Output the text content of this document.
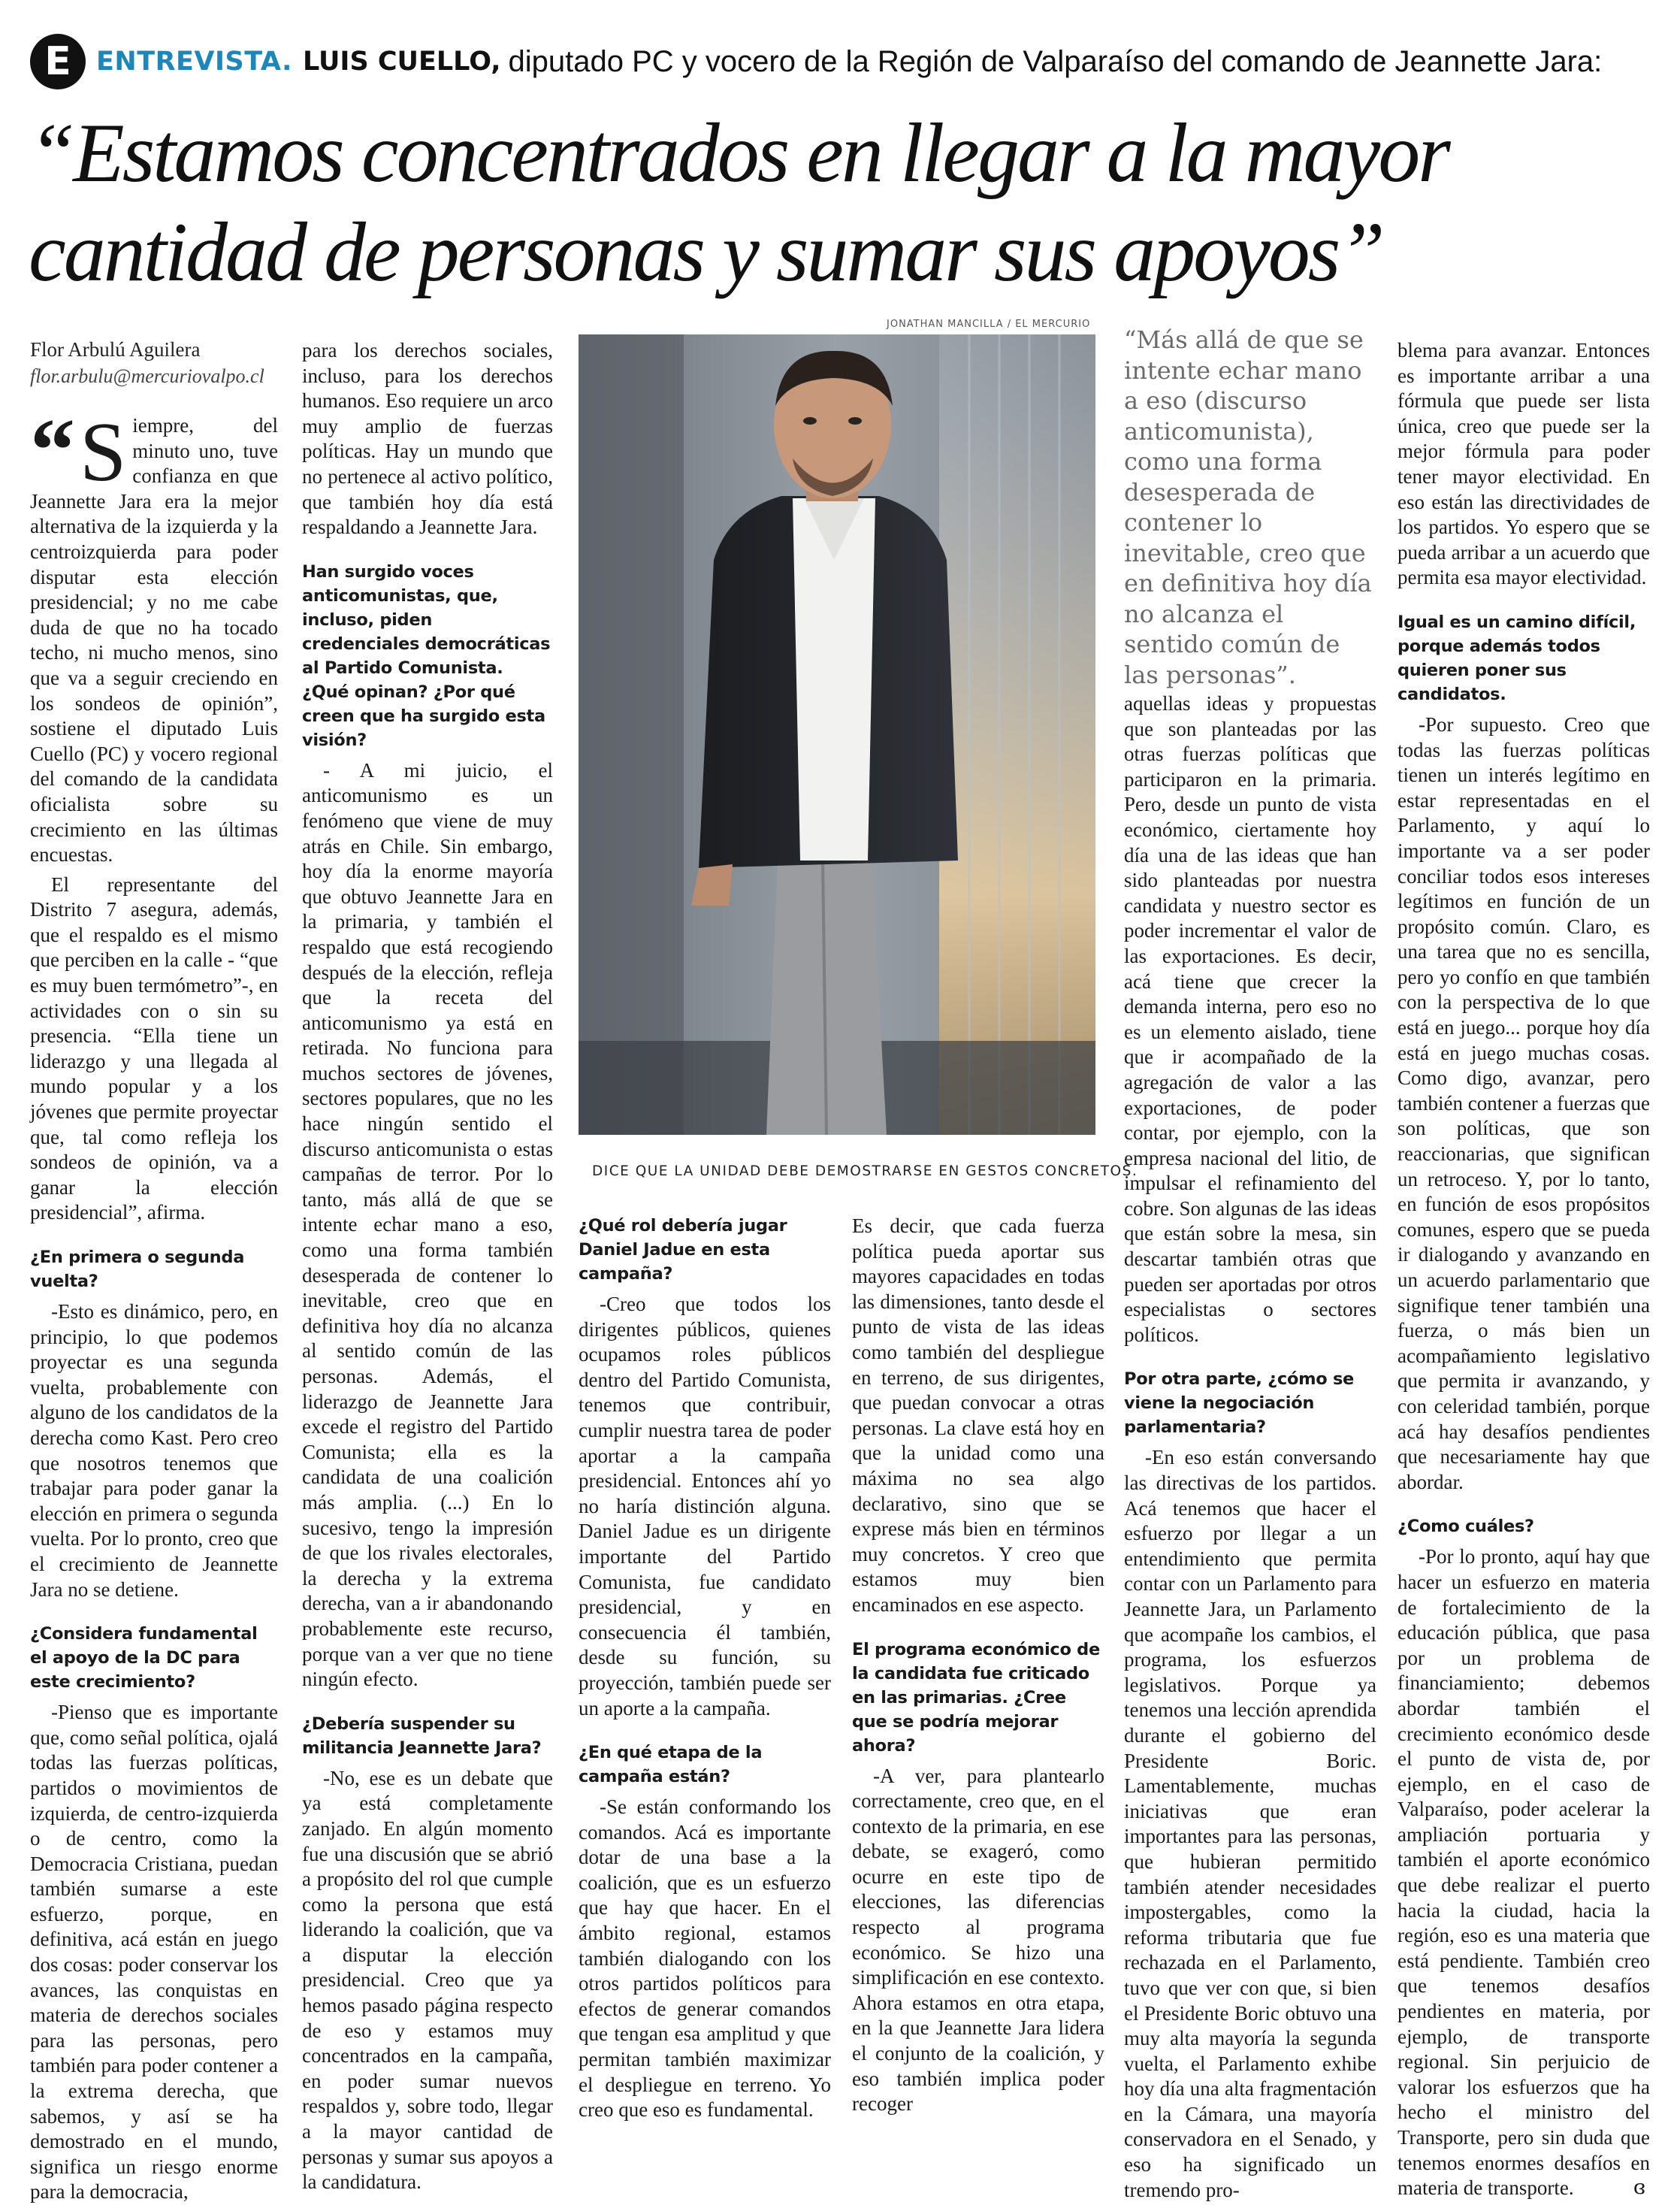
E ENTREVISTA. LUIS CUELLO, diputado PC y vocero de la Región de Valparaíso del comando de Jeannette Jara:
“Estamos concentrados en llegar a la mayor cantidad de personas y sumar sus apoyos”
Flor Arbulú Aguilera
flor.arbulu@mercuriovalpo.cl

“ S iempre, del minuto uno, tuve confianza en que Jeannette Jara era la mejor alternativa de la izquierda y la centroizquierda para poder disputar esta elección presidencial; y no me cabe duda de que no ha tocado techo, ni mucho menos, sino que va a seguir creciendo en los sondeos de opinión”, sostiene el diputado Luis Cuello (PC) y vocero regional del comando de la candidata oficialista sobre su crecimiento en las últimas encuestas.

El representante del Distrito 7 asegura, además, que el respaldo es el mismo que perciben en la calle - “que es muy buen termómetro”-, en actividades con o sin su presencia. “Ella tiene un liderazgo y una llegada al mundo popular y a los jóvenes que permite proyectar que, tal como refleja los sondeos de opinión, va a ganar la elección presidencial”, afirma.

¿En primera o segunda vuelta?

-Esto es dinámico, pero, en principio, lo que podemos proyectar es una segunda vuelta, probablemente con alguno de los candidatos de la derecha como Kast. Pero creo que nosotros tenemos que trabajar para poder ganar la elección en primera o segunda vuelta. Por lo pronto, creo que el crecimiento de Jeannette Jara no se detiene.

¿Considera fundamental el apoyo de la DC para este crecimiento?

-Pienso que es importante que, como señal política, ojalá todas las fuerzas políticas, partidos o movimientos de izquierda, de centro-izquierda o de centro, como la Democracia Cristiana, puedan también sumarse a este esfuerzo, porque, en definitiva, acá están en juego dos cosas: poder conservar los avances, las conquistas en materia de derechos sociales para las personas, pero también para poder contener a la extrema derecha, que sabemos, y así se ha demostrado en el mundo, significa un riesgo enorme para la democracia,

para los derechos sociales, incluso, para los derechos humanos. Eso requiere un arco muy amplio de fuerzas políticas. Hay un mundo que no pertenece al activo político, que también hoy día está respaldando a Jeannette Jara.

Han surgido voces anticomunistas, que, incluso, piden credenciales democráticas al Partido Comunista. ¿Qué opinan? ¿Por qué creen que ha surgido esta visión?

- A mi juicio, el anticomunismo es un fenómeno que viene de muy atrás en Chile. Sin embargo, hoy día la enorme mayoría que obtuvo Jeannette Jara en la primaria, y también el respaldo que está recogiendo después de la elección, refleja que la receta del anticomunismo ya está en retirada. No funciona para muchos sectores de jóvenes, sectores populares, que no les hace ningún sentido el discurso anticomunista o estas campañas de terror. Por lo tanto, más allá de que se intente echar mano a eso, como una forma también desesperada de contener lo inevitable, creo que en definitiva hoy día no alcanza al sentido común de las personas. Además, el liderazgo de Jeannette Jara excede el registro del Partido Comunista; ella es la candidata de una coalición más amplia. (...) En lo sucesivo, tengo la impresión de que los rivales electorales, la derecha y la extrema derecha, van a ir abandonando probablemente este recurso, porque van a ver que no tiene ningún efecto.

¿Debería suspender su militancia Jeannette Jara?

-No, ese es un debate que ya está completamente zanjado. En algún momento fue una discusión que se abrió a propósito del rol que cumple como la persona que está liderando la coalición, que va a disputar la elección presidencial. Creo que ya hemos pasado página respecto de eso y estamos muy concentrados en la campaña, en poder sumar nuevos respaldos y, sobre todo, llegar a la mayor cantidad de personas y sumar sus apoyos a la candidatura.

JONATHAN MANCILLA / EL MERCURIO
DICE QUE LA UNIDAD DEBE DEMOSTRARSE EN GESTOS CONCRETOS.
¿Qué rol debería jugar Daniel Jadue en esta campaña?

-Creo que todos los dirigentes públicos, quienes ocupamos roles públicos dentro del Partido Comunista, tenemos que contribuir, cumplir nuestra tarea de poder aportar a la campaña presidencial. Entonces ahí yo no haría distinción alguna. Daniel Jadue es un dirigente importante del Partido Comunista, fue candidato presidencial, y en consecuencia él también, desde su función, su proyección, también puede ser un aporte a la campaña.

¿En qué etapa de la campaña están?

-Se están conformando los comandos. Acá es importante dotar de una base a la coalición, que es un esfuerzo que hay que hacer. En el ámbito regional, estamos también dialogando con los otros partidos políticos para efectos de generar comandos que tengan esa amplitud y que permitan también maximizar el despliegue en terreno. Yo creo que eso es fundamental.

Es decir, que cada fuerza política pueda aportar sus mayores capacidades en todas las dimensiones, tanto desde el punto de vista de las ideas como también del despliegue en terreno, de sus dirigentes, que puedan convocar a otras personas. La clave está hoy en que la unidad como una máxima no sea algo declarativo, sino que se exprese más bien en términos muy concretos. Y creo que estamos muy bien encaminados en ese aspecto.

El programa económico de la candidata fue criticado en las primarias. ¿Cree que se podría mejorar ahora?

-A ver, para plantearlo correctamente, creo que, en el contexto de la primaria, en ese debate, se exageró, como ocurre en este tipo de elecciones, las diferencias respecto al programa económico. Se hizo una simplificación en ese contexto. Ahora estamos en otra etapa, en la que Jeannette Jara lidera el conjunto de la coalición, y eso también implica poder recoger

“Más allá de que se intente echar mano a eso (discurso anticomunista), como una forma desesperada de contener lo inevitable, creo que en definitiva hoy día no alcanza el sentido común de las personas”.

aquellas ideas y propuestas que son planteadas por las otras fuerzas políticas que participaron en la primaria. Pero, desde un punto de vista económico, ciertamente hoy día una de las ideas que han sido planteadas por nuestra candidata y nuestro sector es poder incrementar el valor de las exportaciones. Es decir, acá tiene que crecer la demanda interna, pero eso no es un elemento aislado, tiene que ir acompañado de la agregación de valor a las exportaciones, de poder contar, por ejemplo, con la empresa nacional del litio, de impulsar el refinamiento del cobre. Son algunas de las ideas que están sobre la mesa, sin descartar también otras que pueden ser aportadas por otros especialistas o sectores políticos.

Por otra parte, ¿cómo se viene la negociación parlamentaria?

-En eso están conversando las directivas de los partidos. Acá tenemos que hacer el esfuerzo por llegar a un entendimiento que permita contar con un Parlamento para Jeannette Jara, un Parlamento que acompañe los cambios, el programa, los esfuerzos legislativos. Porque ya tenemos una lección aprendida durante el gobierno del Presidente Boric. Lamentablemente, muchas iniciativas que eran importantes para las personas, que hubieran permitido también atender necesidades impostergables, como la reforma tributaria que fue rechazada en el Parlamento, tuvo que ver con que, si bien el Presidente Boric obtuvo una muy alta mayoría la segunda vuelta, el Parlamento exhibe hoy día una alta fragmentación en la Cámara, una mayoría conservadora en el Senado, y eso ha significado un tremendo pro-

blema para avanzar. Entonces es importante arribar a una fórmula que puede ser lista única, creo que puede ser la mejor fórmula para poder tener mayor electividad. En eso están las directividades de los partidos. Yo espero que se pueda arribar a un acuerdo que permita esa mayor electividad.

Igual es un camino difícil, porque además todos quieren poner sus candidatos.

-Por supuesto. Creo que todas las fuerzas políticas tienen un interés legítimo en estar representadas en el Parlamento, y aquí lo importante va a ser poder conciliar todos esos intereses legítimos en función de un propósito común. Claro, es una tarea que no es sencilla, pero yo confío en que también con la perspectiva de lo que está en juego... porque hoy día está en juego muchas cosas. Como digo, avanzar, pero también contener a fuerzas que son políticas, que son reaccionarias, que significan un retroceso. Y, por lo tanto, en función de esos propósitos comunes, espero que se pueda ir dialogando y avanzando en un acuerdo parlamentario que signifique tener también una fuerza, o más bien un acompañamiento legislativo que permita ir avanzando, y con celeridad también, porque acá hay desafíos pendientes que necesariamente hay que abordar.

¿Como cuáles?

-Por lo pronto, aquí hay que hacer un esfuerzo en materia de fortalecimiento de la educación pública, que pasa por un problema de financiamiento; debemos abordar también el crecimiento económico desde el punto de vista de, por ejemplo, en el caso de Valparaíso, poder acelerar la ampliación portuaria y también el aporte económico que debe realizar el puerto hacia la ciudad, hacia la región, eso es una materia que está pendiente. También creo que tenemos desafíos pendientes en materia, por ejemplo, de transporte regional. Sin perjuicio de valorar los esfuerzos que ha hecho el ministro del Transporte, pero sin duda que tenemos enormes desafíos en materia de transporte.	ɞ
